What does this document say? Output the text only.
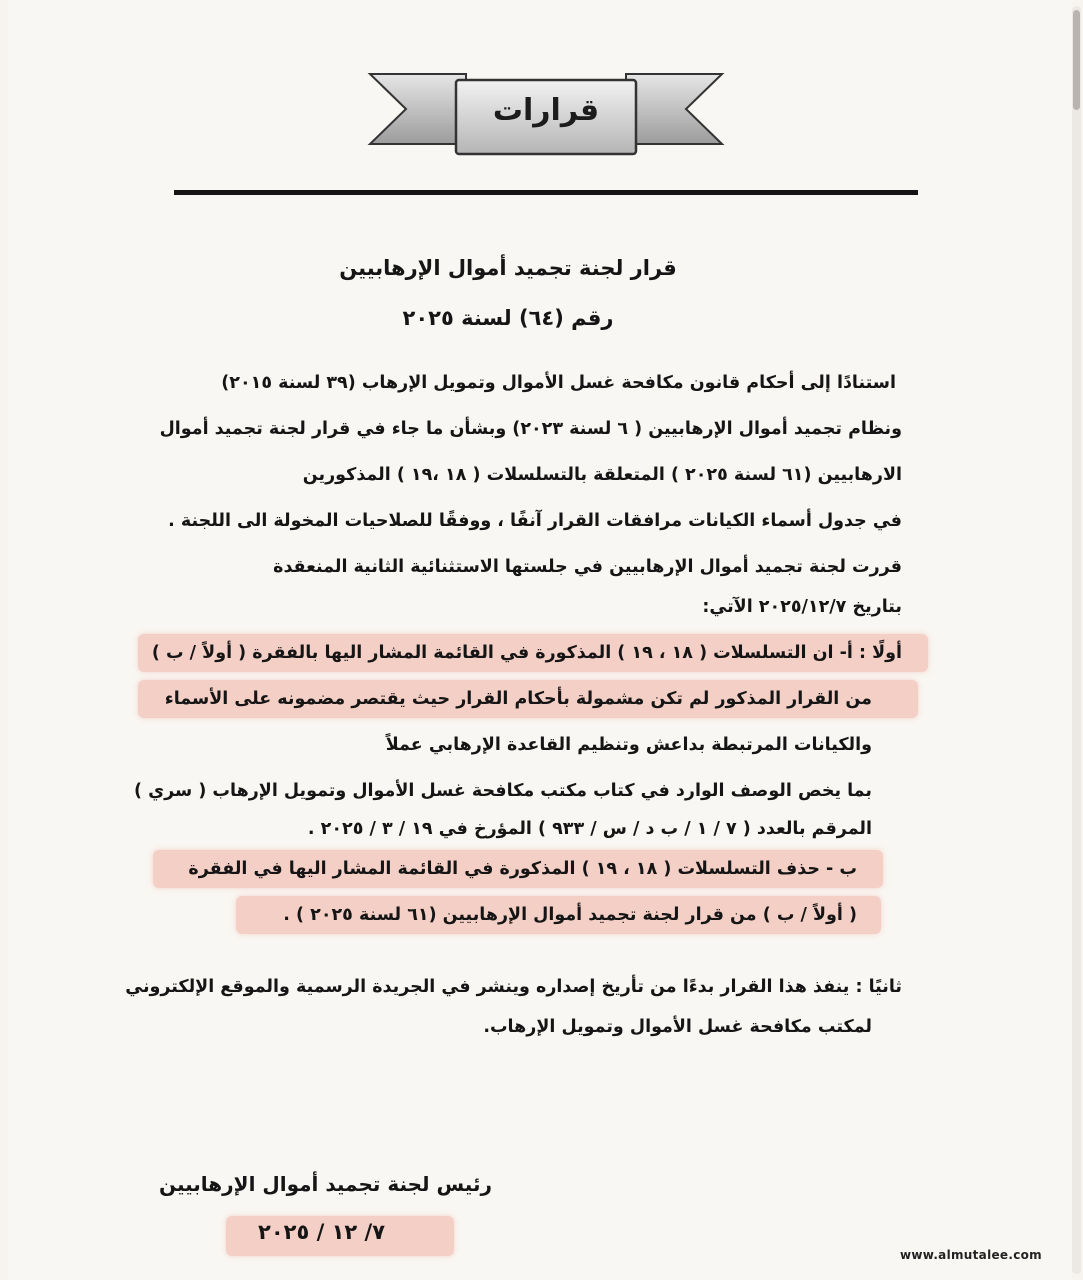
قرارات
قرار لجنة تجميد أموال الإرهابيين
رقم (٦٤) لسنة ٢٠٢٥
استنادًا إلى أحكام قانون مكافحة غسل الأموال وتمويل الإرهاب (٣٩ لسنة ٢٠١٥)
ونظام تجميد أموال الإرهابيين ( ٦ لسنة ٢٠٢٣) وبشأن ما جاء في قرار لجنة تجميد أموال
الارهابيين (٦١ لسنة ٢٠٢٥ ) المتعلقة بالتسلسلات ( ١٨ ،١٩ ) المذكورين
في جدول أسماء الكيانات مرافقات القرار آنفًا ، ووفقًا للصلاحيات المخولة الى اللجنة .
قررت لجنة تجميد أموال الإرهابيين في جلستها الاستثنائية الثانية المنعقدة
بتاريخ ٢٠٢٥/١٢/٧ الآتي:
أولًا : أ- ان التسلسلات ( ١٨ ، ١٩ ) المذكورة في القائمة المشار اليها بالفقرة ( أولاً / ب )
من القرار المذكور لم تكن مشمولة بأحكام القرار حيث يقتصر مضمونه على الأسماء
والكيانات المرتبطة بداعش وتنظيم القاعدة الإرهابي عملاً
بما يخص الوصف الوارد في كتاب مكتب مكافحة غسل الأموال وتمويل الإرهاب ( سري )
المرقم بالعدد ( ٧ / ١ / ب د / س / ٩٣٣ ) المؤرخ في ١٩ / ٣ / ٢٠٢٥ .
ب - حذف التسلسلات ( ١٨ ، ١٩ ) المذكورة في القائمة المشار اليها في الفقرة
( أولاً / ب ) من قرار لجنة تجميد أموال الإرهابيين (٦١ لسنة ٢٠٢٥ ) .
ثانيًا : ينفذ هذا القرار بدءًا من تأريخ إصداره وينشر في الجريدة الرسمية والموقع الإلكتروني
لمكتب مكافحة غسل الأموال وتمويل الإرهاب.
رئيس لجنة تجميد أموال الإرهابيين
٧/ ١٢ / ٢٠٢٥
www.almutalee.com
